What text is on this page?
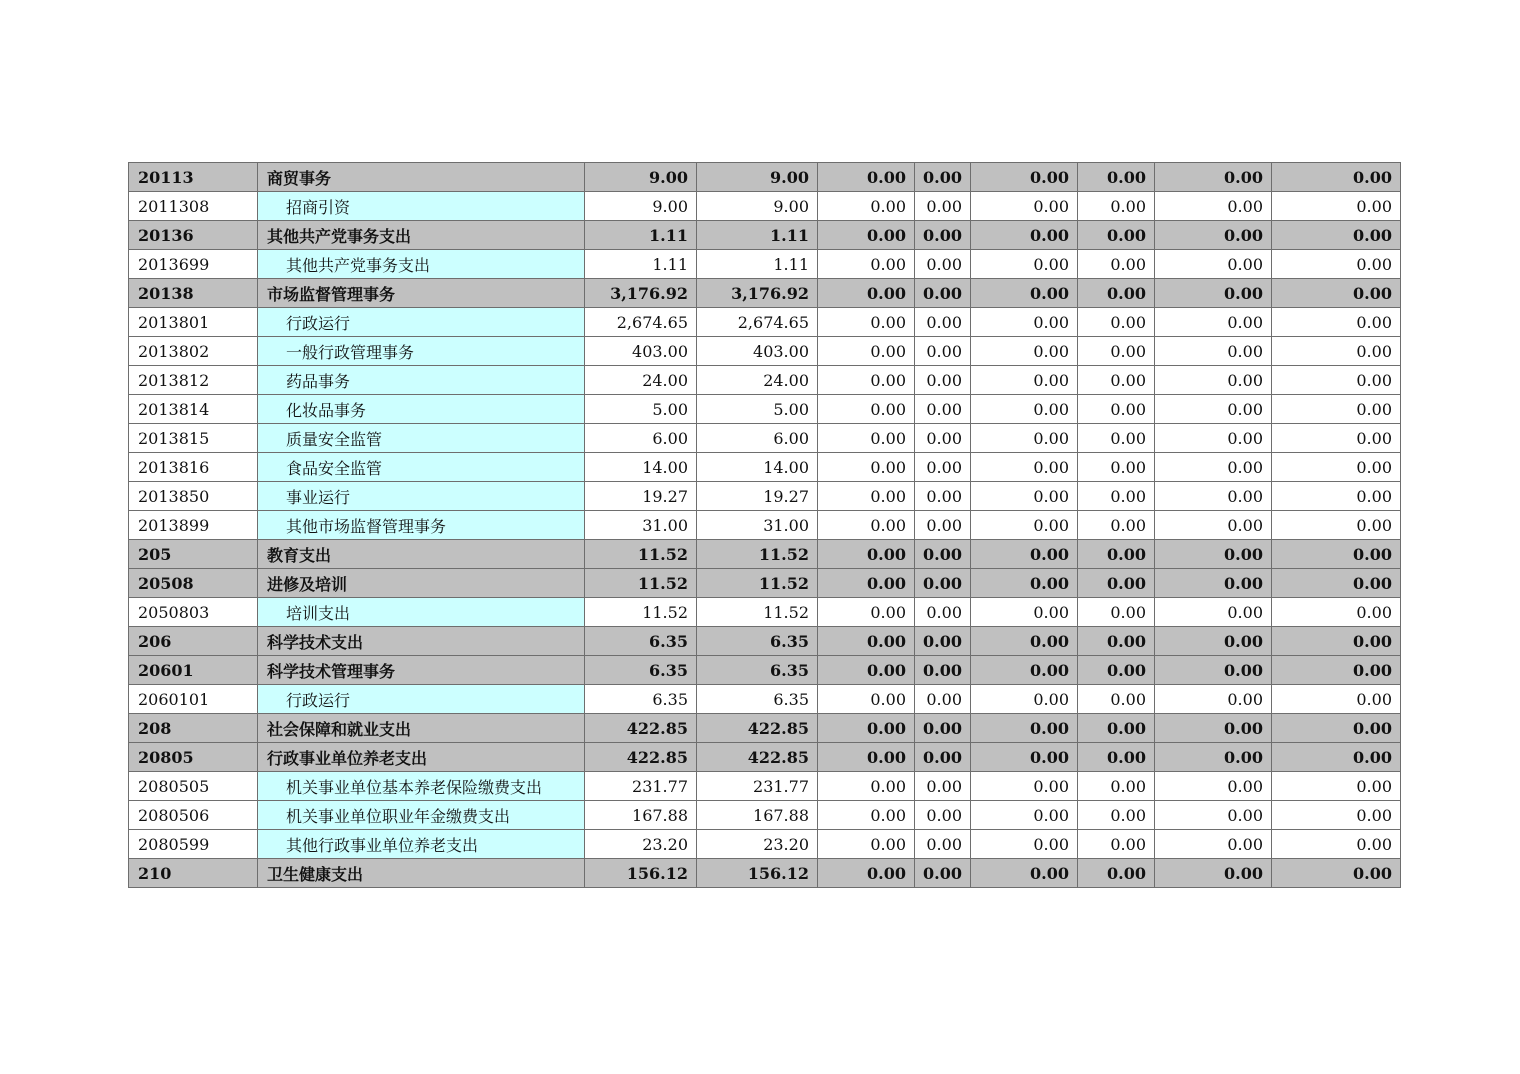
20113	商贸事务	9.00	9.00	0.00	0.00	0.00	0.00	0.00	0.00
2011308	招商引资	9.00	9.00	0.00	0.00	0.00	0.00	0.00	0.00
20136	其他共产党事务支出	1.11	1.11	0.00	0.00	0.00	0.00	0.00	0.00
2013699	其他共产党事务支出	1.11	1.11	0.00	0.00	0.00	0.00	0.00	0.00
20138	市场监督管理事务	3,176.92	3,176.92	0.00	0.00	0.00	0.00	0.00	0.00
2013801	行政运行	2,674.65	2,674.65	0.00	0.00	0.00	0.00	0.00	0.00
2013802	一般行政管理事务	403.00	403.00	0.00	0.00	0.00	0.00	0.00	0.00
2013812	药品事务	24.00	24.00	0.00	0.00	0.00	0.00	0.00	0.00
2013814	化妆品事务	5.00	5.00	0.00	0.00	0.00	0.00	0.00	0.00
2013815	质量安全监管	6.00	6.00	0.00	0.00	0.00	0.00	0.00	0.00
2013816	食品安全监管	14.00	14.00	0.00	0.00	0.00	0.00	0.00	0.00
2013850	事业运行	19.27	19.27	0.00	0.00	0.00	0.00	0.00	0.00
2013899	其他市场监督管理事务	31.00	31.00	0.00	0.00	0.00	0.00	0.00	0.00
205	教育支出	11.52	11.52	0.00	0.00	0.00	0.00	0.00	0.00
20508	进修及培训	11.52	11.52	0.00	0.00	0.00	0.00	0.00	0.00
2050803	培训支出	11.52	11.52	0.00	0.00	0.00	0.00	0.00	0.00
206	科学技术支出	6.35	6.35	0.00	0.00	0.00	0.00	0.00	0.00
20601	科学技术管理事务	6.35	6.35	0.00	0.00	0.00	0.00	0.00	0.00
2060101	行政运行	6.35	6.35	0.00	0.00	0.00	0.00	0.00	0.00
208	社会保障和就业支出	422.85	422.85	0.00	0.00	0.00	0.00	0.00	0.00
20805	行政事业单位养老支出	422.85	422.85	0.00	0.00	0.00	0.00	0.00	0.00
2080505	机关事业单位基本养老保险缴费支出	231.77	231.77	0.00	0.00	0.00	0.00	0.00	0.00
2080506	机关事业单位职业年金缴费支出	167.88	167.88	0.00	0.00	0.00	0.00	0.00	0.00
2080599	其他行政事业单位养老支出	23.20	23.20	0.00	0.00	0.00	0.00	0.00	0.00
210	卫生健康支出	156.12	156.12	0.00	0.00	0.00	0.00	0.00	0.00
